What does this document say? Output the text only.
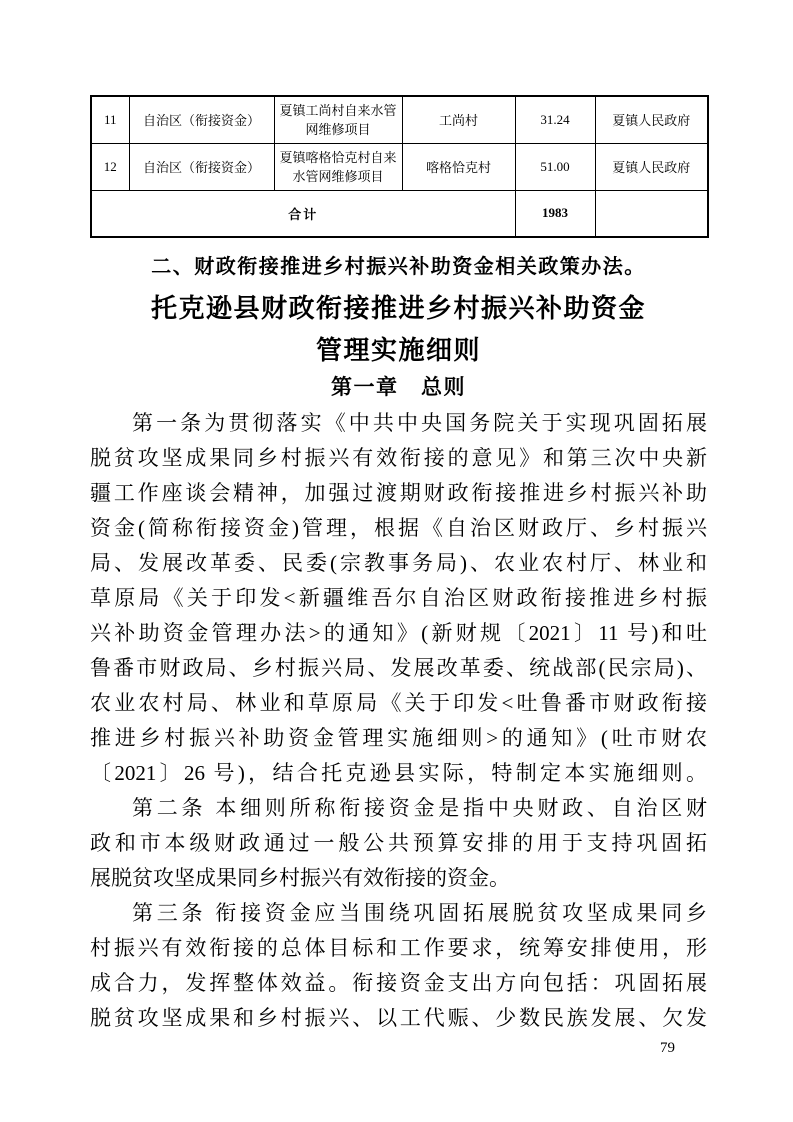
11	自治区（衔接资金）	夏镇工尚村自来水管网维修项目	工尚村	31.24	夏镇人民政府
12	自治区（衔接资金）	夏镇喀格恰克村自来水管网维修项目	喀格恰克村	51.00	夏镇人民政府
合计				1983	
二、财政衔接推进乡村振兴补助资金相关政策办法。
托克逊县财政衔接推进乡村振兴补助资金
管理实施细则
第一章　总则
第一条为贯彻落实《中共中央国务院关于实现巩固拓展
脱贫攻坚成果同乡村振兴有效衔接的意见》和第三次中央新
疆工作座谈会精神，加强过渡期财政衔接推进乡村振兴补助
资金(简称衔接资金)管理，根据《自治区财政厅、乡村振兴
局、发展改革委、民委(宗教事务局)、农业农村厅、林业和
草原局《关于印发<新疆维吾尔自治区财政衔接推进乡村振
兴补助资金管理办法>的通知》(新财规〔2021〕11 号)和吐
鲁番市财政局、乡村振兴局、发展改革委、统战部(民宗局)、
农业农村局、林业和草原局《关于印发<吐鲁番市财政衔接
推进乡村振兴补助资金管理实施细则>的通知》(吐市财农
〔2021〕26 号)，结合托克逊县实际，特制定本实施细则。
第二条 本细则所称衔接资金是指中央财政、自治区财
政和市本级财政通过一般公共预算安排的用于支持巩固拓
展脱贫攻坚成果同乡村振兴有效衔接的资金。
第三条 衔接资金应当围绕巩固拓展脱贫攻坚成果同乡
村振兴有效衔接的总体目标和工作要求，统筹安排使用，形
成合力，发挥整体效益。衔接资金支出方向包括：巩固拓展
脱贫攻坚成果和乡村振兴、以工代赈、少数民族发展、欠发
79
